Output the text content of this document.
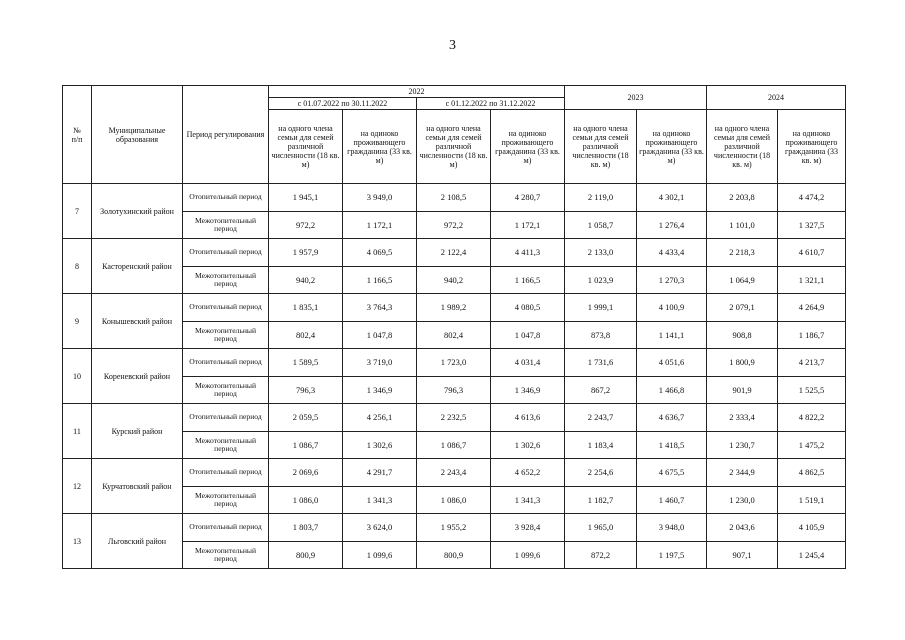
3
№
п/п	Муниципальные образования	Период регулирования	2022				2023		2024	
			с 01.07.2022 по 30.11.2022		с 01.12.2022 по 31.12.2022					
			на одного члена семьи для семей различной численности (18 кв. м)	на одиноко проживающего гражданина (33 кв. м)	на одного члена семьи для семей различной численности (18 кв. м)	на одиноко проживающего гражданина (33 кв. м)	на одного члена семьи для семей различной численности (18 кв. м)	на одиноко проживающего гражданина (33 кв. м)	на одного члена семьи для семей различной численности (18 кв. м)	на одиноко проживающего гражданина (33 кв. м)
7	Золотухинский район	Отопительный период	1 945,1	3 949,0	2 108,5	4 280,7	2 119,0	4 302,1	2 203,8	4 474,2
		Межотопительный период	972,2	1 172,1	972,2	1 172,1	1 058,7	1 276,4	1 101,0	1 327,5
8	Касторенский район	Отопительный период	1 957,9	4 069,5	2 122,4	4 411,3	2 133,0	4 433,4	2 218,3	4 610,7
		Межотопительный период	940,2	1 166,5	940,2	1 166,5	1 023,9	1 270,3	1 064,9	1 321,1
9	Конышевский район	Отопительный период	1 835,1	3 764,3	1 989,2	4 080,5	1 999,1	4 100,9	2 079,1	4 264,9
		Межотопительный период	802,4	1 047,8	802,4	1 047,8	873,8	1 141,1	908,8	1 186,7
10	Кореневский район	Отопительный период	1 589,5	3 719,0	1 723,0	4 031,4	1 731,6	4 051,6	1 800,9	4 213,7
		Межотопительный период	796,3	1 346,9	796,3	1 346,9	867,2	1 466,8	901,9	1 525,5
11	Курский район	Отопительный период	2 059,5	4 256,1	2 232,5	4 613,6	2 243,7	4 636,7	2 333,4	4 822,2
		Межотопительный период	1 086,7	1 302,6	1 086,7	1 302,6	1 183,4	1 418,5	1 230,7	1 475,2
12	Курчатовский район	Отопительный период	2 069,6	4 291,7	2 243,4	4 652,2	2 254,6	4 675,5	2 344,9	4 862,5
		Межотопительный период	1 086,0	1 341,3	1 086,0	1 341,3	1 182,7	1 460,7	1 230,0	1 519,1
13	Льговский район	Отопительный период	1 803,7	3 624,0	1 955,2	3 928,4	1 965,0	3 948,0	2 043,6	4 105,9
		Межотопительный период	800,9	1 099,6	800,9	1 099,6	872,2	1 197,5	907,1	1 245,4
